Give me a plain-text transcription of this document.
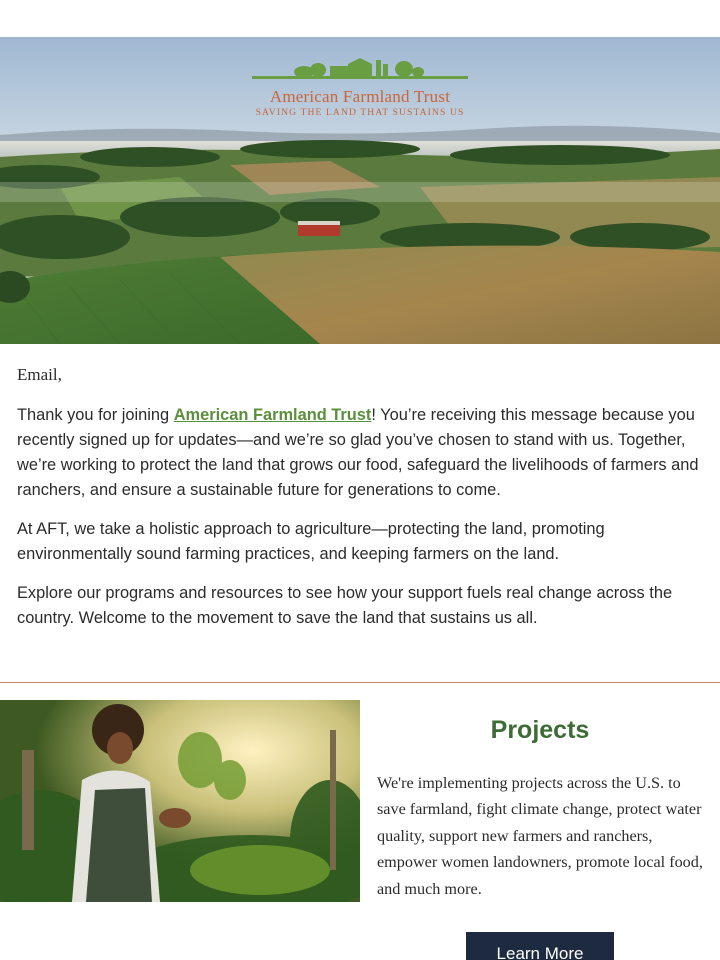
American Farmland Trust
SAVING THE LAND THAT SUSTAINS US

Email,

Thank you for joining American Farmland Trust! You’re receiving this message because you recently signed up for updates—and we’re so glad you’ve chosen to stand with us. Together, we’re working to protect the land that grows our food, safeguard the livelihoods of farmers and ranchers, and ensure a sustainable future for generations to come.

At AFT, we take a holistic approach to agriculture—protecting the land, promoting environmentally sound farming practices, and keeping farmers on the land.

Explore our programs and resources to see how your support fuels real change across the country. Welcome to the movement to save the land that sustains us all.

Projects
We're implementing projects across the U.S. to save farmland, fight climate change, protect water quality, support new farmers and ranchers, empower women landowners, promote local food, and much more.
Learn More
